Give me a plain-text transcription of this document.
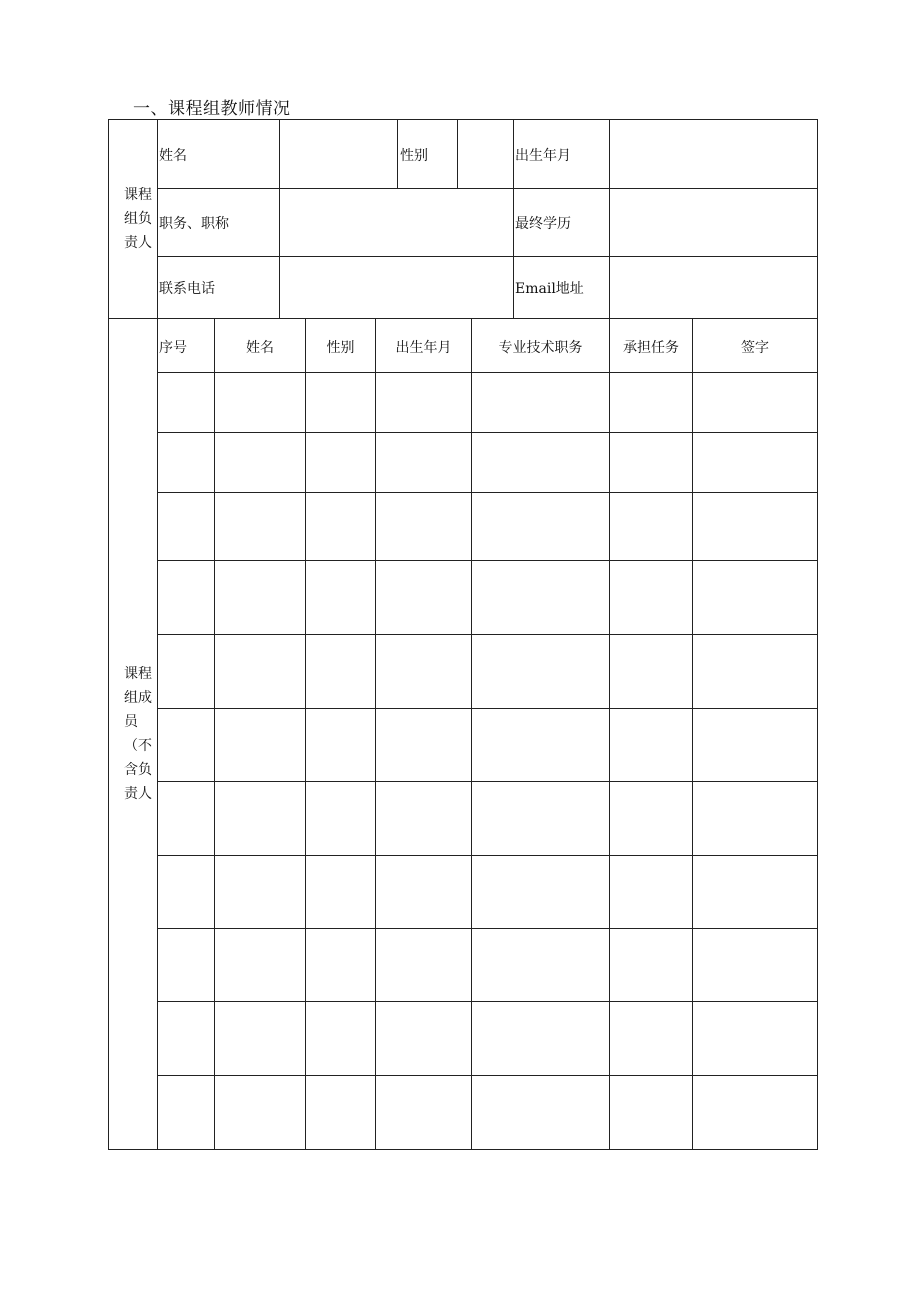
一、课程组教师情况
课程
组负
责人
姓名	性别	出生年月
职务、职称	最终学历
联系电话	Email地址
课程
组成
员
（不
含负
责人
序号	姓名	性别	出生年月	专业技术职务	承担任务	签字
